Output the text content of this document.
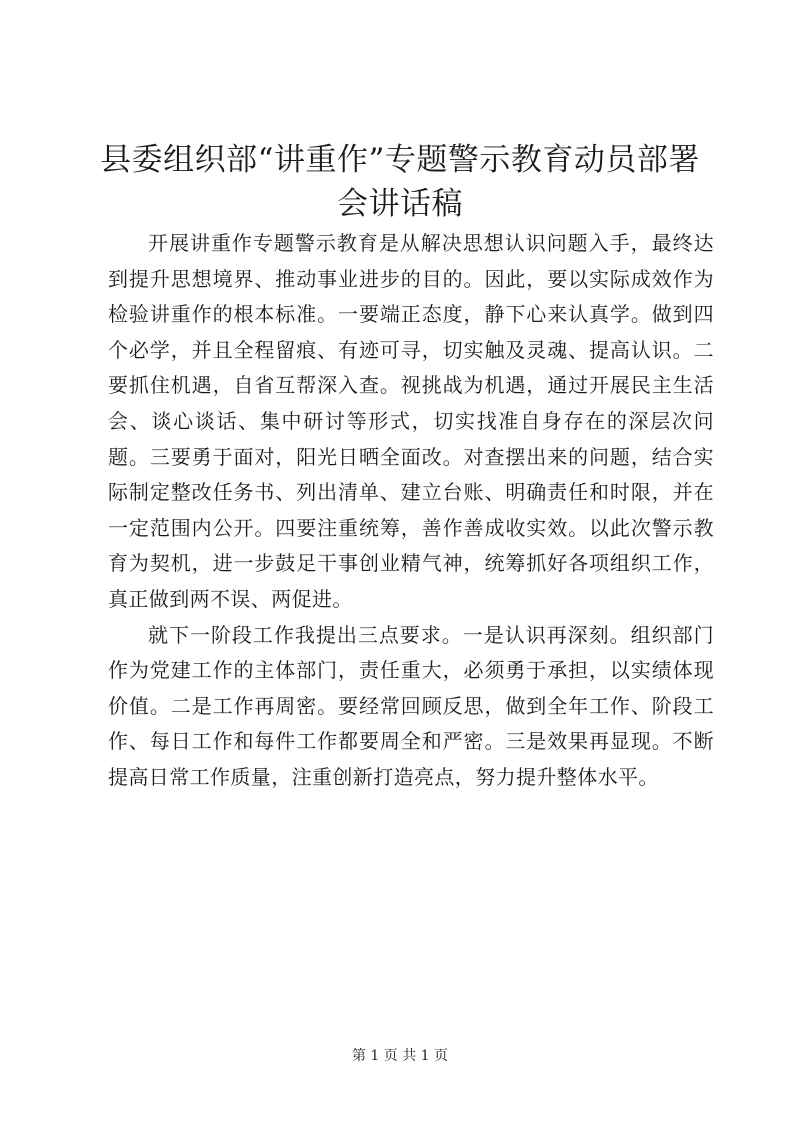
县委组织部“讲重作”专题警示教育动员部署
会讲话稿

开展讲重作专题警示教育是从解决思想认识问题入手，最终达到提升思想境界、推动事业进步的目的。因此，要以实际成效作为检验讲重作的根本标准。一要端正态度，静下心来认真学。做到四个必学，并且全程留痕、有迹可寻，切实触及灵魂、提高认识。二要抓住机遇，自省互帮深入查。视挑战为机遇，通过开展民主生活会、谈心谈话、集中研讨等形式，切实找准自身存在的深层次问题。三要勇于面对，阳光日晒全面改。对查摆出来的问题，结合实际制定整改任务书、列出清单、建立台账、明确责任和时限，并在一定范围内公开。四要注重统筹，善作善成收实效。以此次警示教育为契机，进一步鼓足干事创业精气神，统筹抓好各项组织工作，真正做到两不误、两促进。

就下一阶段工作我提出三点要求。一是认识再深刻。组织部门作为党建工作的主体部门，责任重大，必须勇于承担，以实绩体现价值。二是工作再周密。要经常回顾反思，做到全年工作、阶段工作、每日工作和每件工作都要周全和严密。三是效果再显现。不断提高日常工作质量，注重创新打造亮点，努力提升整体水平。

第 1 页 共 1 页
